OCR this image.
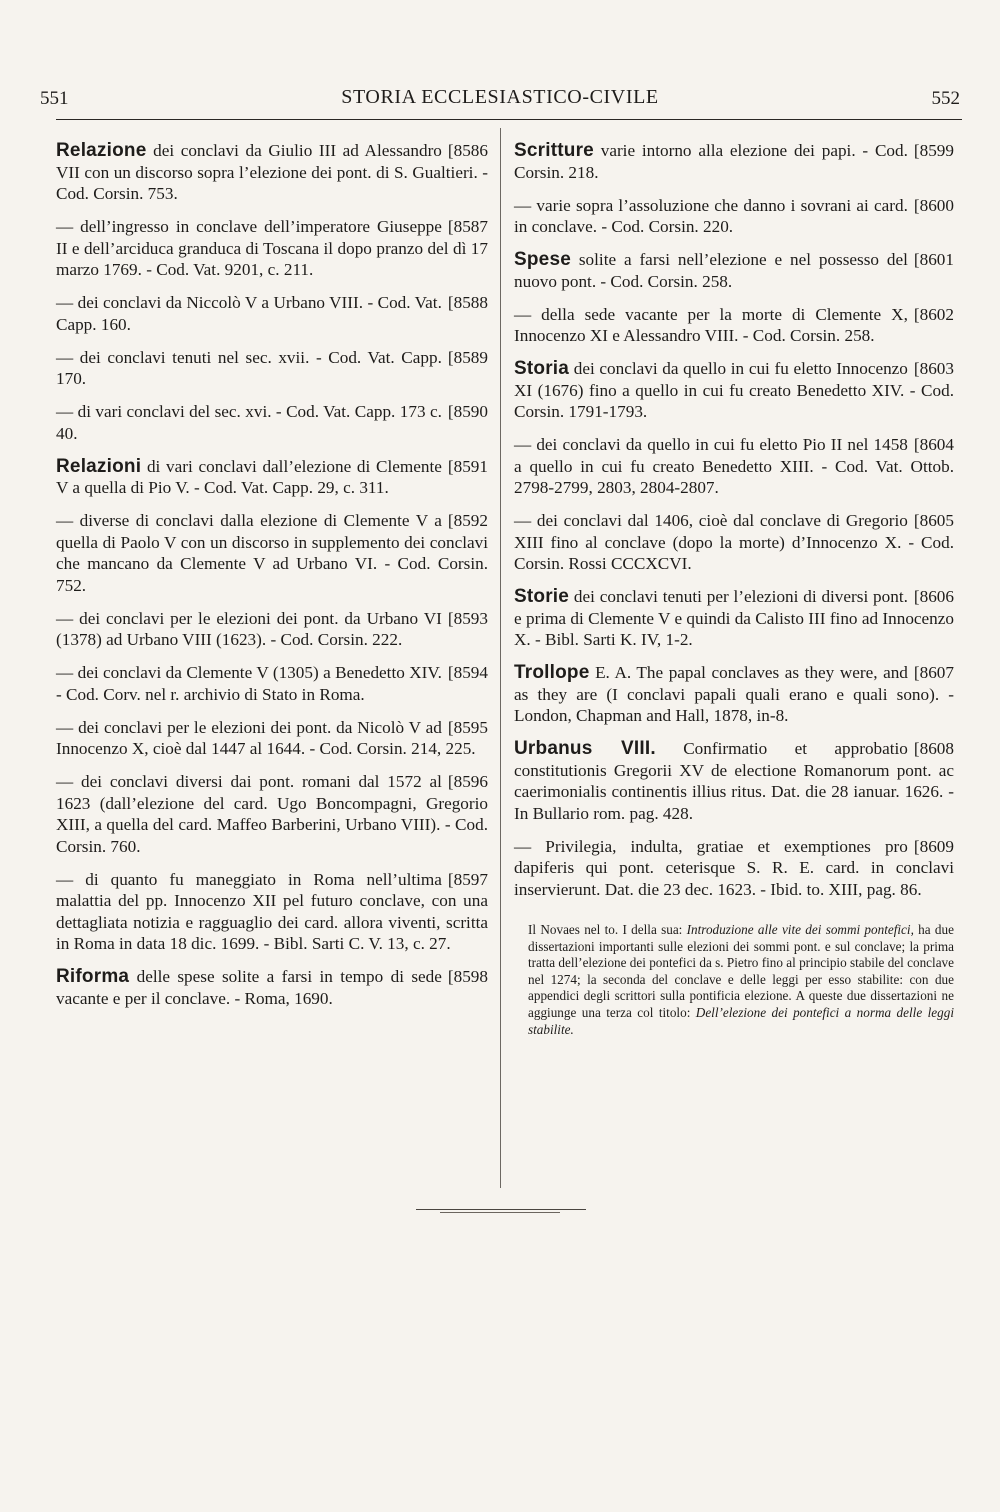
551	STORIA ECCLESIASTICO-CIVILE	552

[8586
Relazione dei conclavi da Giulio III ad Alessandro VII con un discorso sopra l’elezione dei pont. di S. Gualtieri. - Cod. Corsin. 753.

[8587
— dell’ingresso in conclave dell’imperatore Giuseppe II e dell’arciduca granduca di Toscana il dopo pranzo del dì 17 marzo 1769. - Cod. Vat. 9201, c. 211.

[8588
— dei conclavi da Niccolò V a Urbano VIII. - Cod. Vat. Capp. 160.

[8589
— dei conclavi tenuti nel sec. xvii. - Cod. Vat. Capp. 170.

[8590
— di vari conclavi del sec. xvi. - Cod. Vat. Capp. 173 c. 40.

[8591
Relazioni di vari conclavi dall’elezione di Clemente V a quella di Pio V. - Cod. Vat. Capp. 29, c. 311.

[8592
— diverse di conclavi dalla elezione di Clemente V a quella di Paolo V con un discorso in supplemento dei conclavi che mancano da Clemente V ad Urbano VI. - Cod. Corsin. 752.

[8593
— dei conclavi per le elezioni dei pont. da Urbano VI (1378) ad Urbano VIII (1623). - Cod. Corsin. 222.

[8594
— dei conclavi da Clemente V (1305) a Benedetto XIV. - Cod. Corv. nel r. archivio di Stato in Roma.

[8595
— dei conclavi per le elezioni dei pont. da Nicolò V ad Innocenzo X, cioè dal 1447 al 1644. - Cod. Corsin. 214, 225.

[8596
— dei conclavi diversi dai pont. romani dal 1572 al 1623 (dall’elezione del card. Ugo Boncompagni, Gregorio XIII, a quella del card. Maffeo Barberini, Urbano VIII). - Cod. Corsin. 760.

[8597
— di quanto fu maneggiato in Roma nell’ultima malattia del pp. Innocenzo XII pel futuro conclave, con una dettagliata notizia e ragguaglio dei card. allora viventi, scritta in Roma in data 18 dic. 1699. - Bibl. Sarti C. V. 13, c. 27.

[8598
Riforma delle spese solite a farsi in tempo di sede vacante e per il conclave. - Roma, 1690.

[8599
Scritture varie intorno alla elezione dei papi. - Cod. Corsin. 218.

[8600
— varie sopra l’assoluzione che danno i sovrani ai card. in conclave. - Cod. Corsin. 220.

[8601
Spese solite a farsi nell’elezione e nel possesso del nuovo pont. - Cod. Corsin. 258.

[8602
— della sede vacante per la morte di Clemente X, Innocenzo XI e Alessandro VIII. - Cod. Corsin. 258.

[8603
Storia dei conclavi da quello in cui fu eletto Innocenzo XI (1676) fino a quello in cui fu creato Benedetto XIV. - Cod. Corsin. 1791-1793.

[8604
— dei conclavi da quello in cui fu eletto Pio II nel 1458 a quello in cui fu creato Benedetto XIII. - Cod. Vat. Ottob. 2798-2799, 2803, 2804-2807.

[8605
— dei conclavi dal 1406, cioè dal conclave di Gregorio XIII fino al conclave (dopo la morte) d’Innocenzo X. - Cod. Corsin. Rossi CCCXCVI.

[8606
Storie dei conclavi tenuti per l’elezioni di diversi pont. e prima di Clemente V e quindi da Calisto III fino ad Innocenzo X. - Bibl. Sarti K. IV, 1-2.

[8607
Trollope E. A. The papal conclaves as they were, and as they are (I conclavi papali quali erano e quali sono). - London, Chapman and Hall, 1878, in-8.

[8608
Urbanus VIII. Confirmatio et approbatio constitutionis Gregorii XV de electione Romanorum pont. ac caerimonialis continentis illius ritus. Dat. die 28 ianuar. 1626. - In Bullario rom. pag. 428.

[8609
— Privilegia, indulta, gratiae et exemptiones pro dapiferis qui pont. ceterisque S. R. E. card. in conclavi inservierunt. Dat. die 23 dec. 1623. - Ibid. to. XIII, pag. 86.

Il Novaes nel to. I della sua: Introduzione alle vite dei sommi pontefici, ha due dissertazioni importanti sulle elezioni dei sommi pont. e sul conclave; la prima tratta dell’elezione dei pontefici da s. Pietro fino al principio stabile del conclave nel 1274; la seconda del conclave e delle leggi per esso stabilite: con due appendici degli scrittori sulla pontificia elezione. A queste due dissertazioni ne aggiunge una terza col titolo: Dell’elezione dei pontefici a norma delle leggi stabilite.
